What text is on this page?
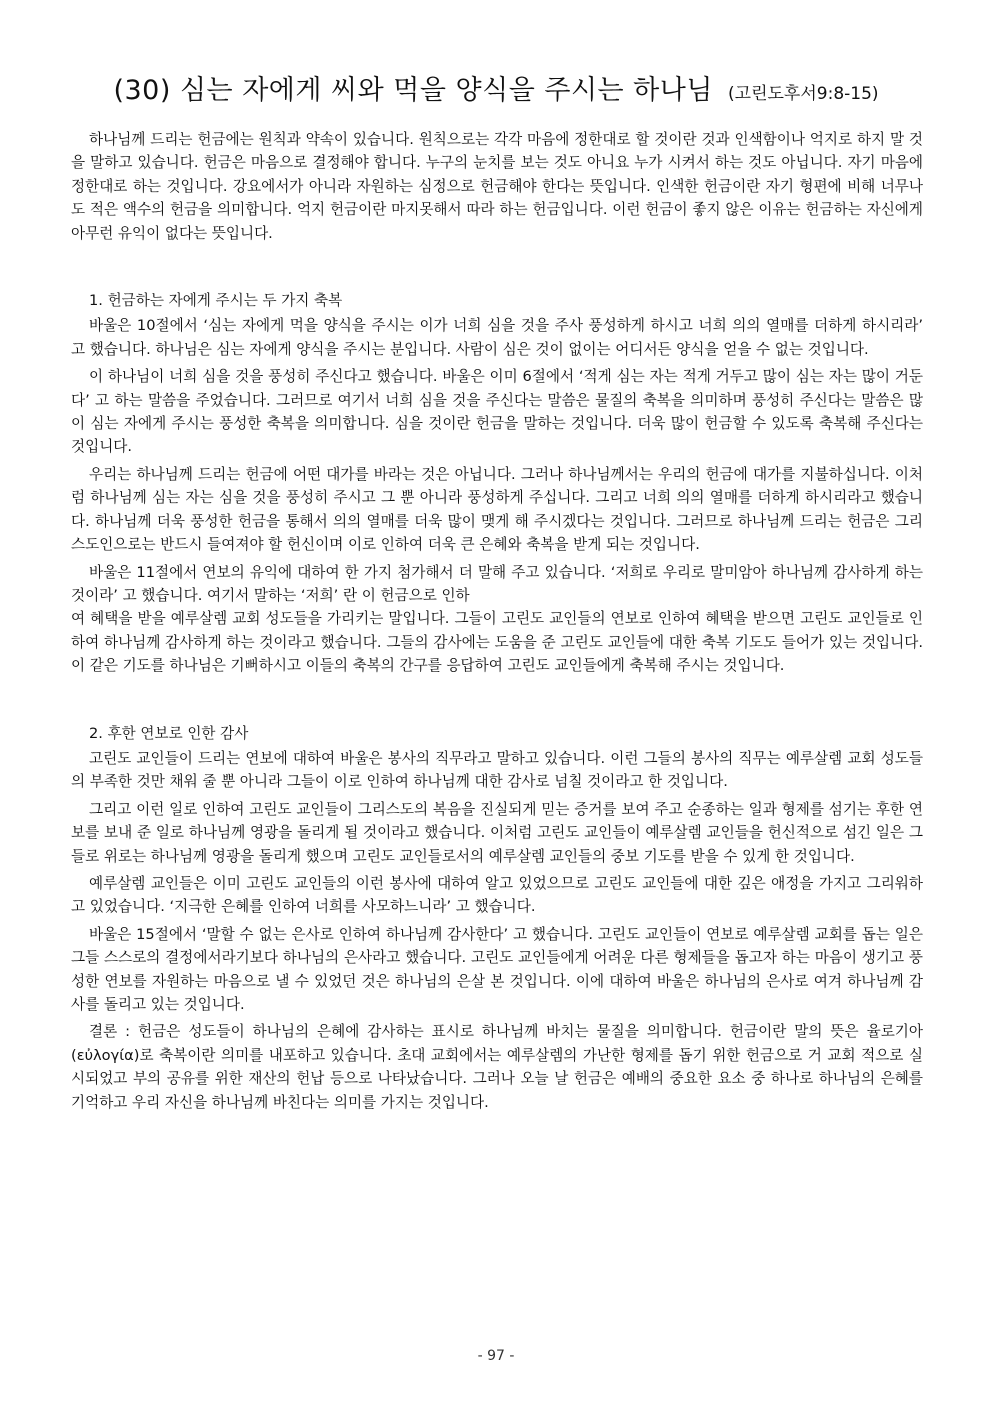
(30) 심는 자에게 씨와 먹을 양식을 주시는 하나님 (고린도후서9:8-15)

하나님께 드리는 헌금에는 원칙과 약속이 있습니다. 원칙으로는 각각 마음에 정한대로 할 것이란 것과 인색함이나 억지로 하지 말 것을 말하고 있습니다. 헌금은 마음으로 결정해야 합니다. 누구의 눈치를 보는 것도 아니요 누가 시켜서 하는 것도 아닙니다. 자기 마음에 정한대로 하는 것입니다. 강요에서가 아니라 자원하는 심정으로 헌금해야 한다는 뜻입니다. 인색한 헌금이란 자기 형편에 비해 너무나도 적은 액수의 헌금을 의미합니다. 억지 헌금이란 마지못해서 따라 하는 헌금입니다. 이런 헌금이 좋지 않은 이유는 헌금하는 자신에게 아무런 유익이 없다는 뜻입니다.

1. 헌금하는 자에게 주시는 두 가지 축복

바울은 10절에서 ‘심는 자에게 먹을 양식을 주시는 이가 너희 심을 것을 주사 풍성하게 하시고 너희 의의 열매를 더하게 하시리라’ 고 했습니다. 하나님은 심는 자에게 양식을 주시는 분입니다. 사람이 심은 것이 없이는 어디서든 양식을 얻을 수 없는 것입니다.

이 하나님이 너희 심을 것을 풍성히 주신다고 했습니다. 바울은 이미 6절에서 ‘적게 심는 자는 적게 거두고 많이 심는 자는 많이 거둔다’ 고 하는 말씀을 주었습니다. 그러므로 여기서 너희 심을 것을 주신다는 말씀은 물질의 축복을 의미하며 풍성히 주신다는 말씀은 많이 심는 자에게 주시는 풍성한 축복을 의미합니다. 심을 것이란 헌금을 말하는 것입니다. 더욱 많이 헌금할 수 있도록 축복해 주신다는 것입니다.

우리는 하나님께 드리는 헌금에 어떤 대가를 바라는 것은 아닙니다. 그러나 하나님께서는 우리의 헌금에 대가를 지불하십니다. 이처럼 하나님께 심는 자는 심을 것을 풍성히 주시고 그 뿐 아니라 풍성하게 주십니다. 그리고 너희 의의 열매를 더하게 하시리라고 했습니다. 하나님께 더욱 풍성한 헌금을 통해서 의의 열매를 더욱 많이 맺게 해 주시겠다는 것입니다. 그러므로 하나님께 드리는 헌금은 그리스도인으로는 반드시 들여져야 할 헌신이며 이로 인하여 더욱 큰 은혜와 축복을 받게 되는 것입니다.

바울은 11절에서 연보의 유익에 대하여 한 가지 첨가해서 더 말해 주고 있습니다. ‘저희로 우리로 말미암아 하나님께 감사하게 하는 것이라’ 고 했습니다. 여기서 말하는 ‘저희’ 란 이 헌금으로 인하

여 혜택을 받을 예루살렘 교회 성도들을 가리키는 말입니다. 그들이 고린도 교인들의 연보로 인하여 혜택을 받으면 고린도 교인들로 인하여 하나님께 감사하게 하는 것이라고 했습니다. 그들의 감사에는 도움을 준 고린도 교인들에 대한 축복 기도도 들어가 있는 것입니다. 이 같은 기도를 하나님은 기뻐하시고 이들의 축복의 간구를 응답하여 고린도 교인들에게 축복해 주시는 것입니다.

2. 후한 연보로 인한 감사

고린도 교인들이 드리는 연보에 대하여 바울은 봉사의 직무라고 말하고 있습니다. 이런 그들의 봉사의 직무는 예루살렘 교회 성도들의 부족한 것만 채워 줄 뿐 아니라 그들이 이로 인하여 하나님께 대한 감사로 넘칠 것이라고 한 것입니다.

그리고 이런 일로 인하여 고린도 교인들이 그리스도의 복음을 진실되게 믿는 증거를 보여 주고 순종하는 일과 형제를 섬기는 후한 연보를 보내 준 일로 하나님께 영광을 돌리게 될 것이라고 했습니다. 이처럼 고린도 교인들이 예루살렘 교인들을 헌신적으로 섬긴 일은 그들로 위로는 하나님께 영광을 돌리게 했으며 고린도 교인들로서의 예루살렘 교인들의 중보 기도를 받을 수 있게 한 것입니다.

예루살렘 교인들은 이미 고린도 교인들의 이런 봉사에 대하여 알고 있었으므로 고린도 교인들에 대한 깊은 애정을 가지고 그리워하고 있었습니다. ‘지극한 은혜를 인하여 너희를 사모하느니라’ 고 했습니다.

바울은 15절에서 ‘말할 수 없는 은사로 인하여 하나님께 감사한다’ 고 했습니다. 고린도 교인들이 연보로 예루살렘 교회를 돕는 일은 그들 스스로의 결정에서라기보다 하나님의 은사라고 했습니다. 고린도 교인들에게 어려운 다른 형제들을 돕고자 하는 마음이 생기고 풍성한 연보를 자원하는 마음으로 낼 수 있었던 것은 하나님의 은살 본 것입니다. 이에 대하여 바울은 하나님의 은사로 여겨 하나님께 감사를 돌리고 있는 것입니다.

결론 : 헌금은 성도들이 하나님의 은혜에 감사하는 표시로 하나님께 바치는 물질을 의미합니다. 헌금이란 말의 뜻은 율로기아(εὐλογία)로 축복이란 의미를 내포하고 있습니다. 초대 교회에서는 예루살렘의 가난한 형제를 돕기 위한 헌금으로 거 교회 적으로 실시되었고 부의 공유를 위한 재산의 헌납 등으로 나타났습니다. 그러나 오늘 날 헌금은 예배의 중요한 요소 중 하나로 하나님의 은혜를 기억하고 우리 자신을 하나님께 바친다는 의미를 가지는 것입니다.

- 97 -
